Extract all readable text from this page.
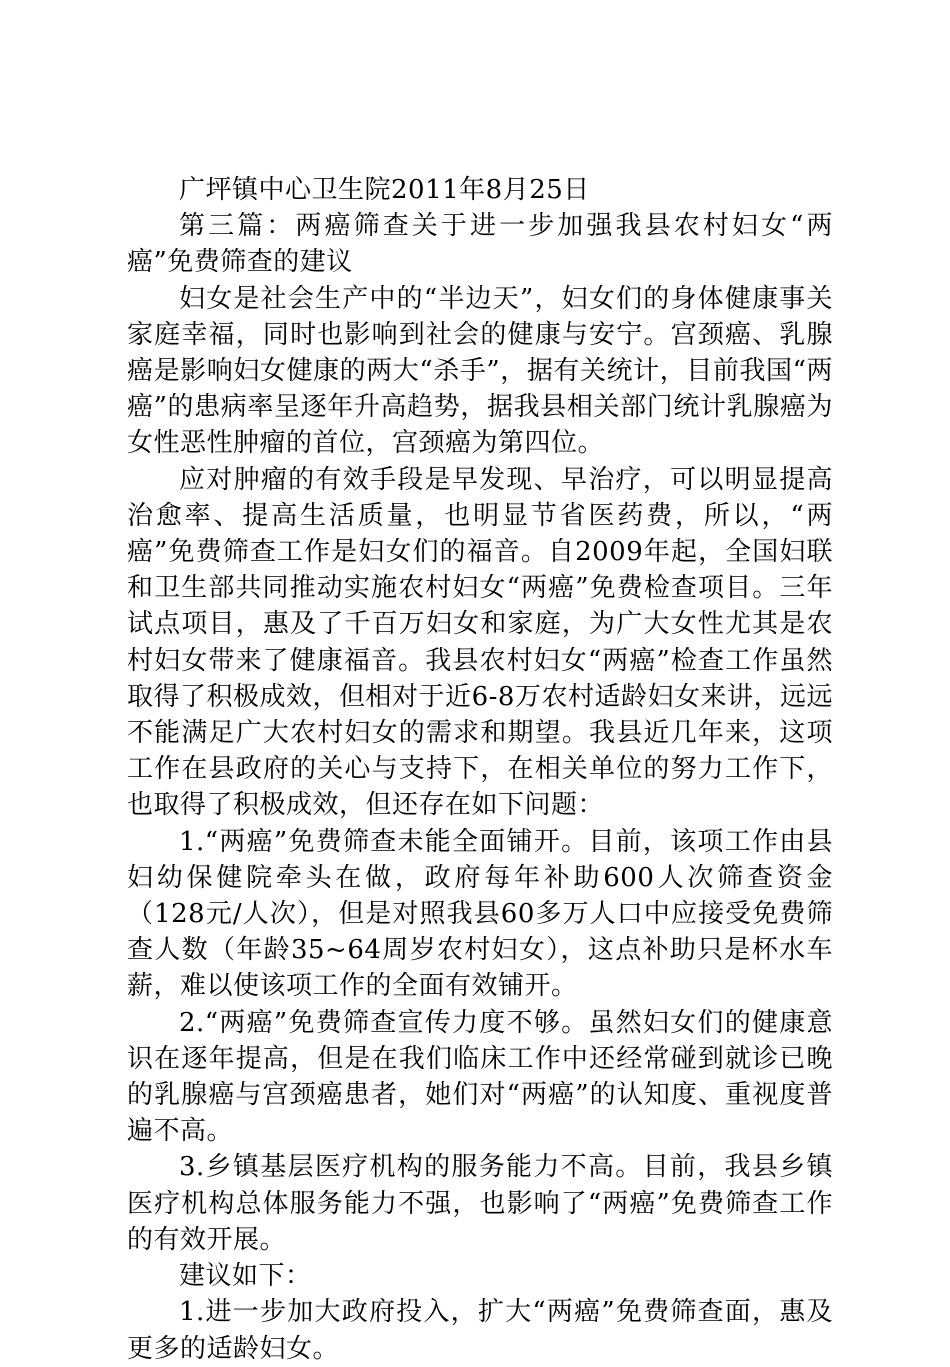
广坪镇中心卫生院2011年8月25日

第三篇：两癌筛查关于进一步加强我县农村妇女“两癌”免费筛查的建议

妇女是社会生产中的“半边天”，妇女们的身体健康事关家庭幸福，同时也影响到社会的健康与安宁。宫颈癌、乳腺癌是影响妇女健康的两大“杀手”，据有关统计，目前我国“两癌”的患病率呈逐年升高趋势，据我县相关部门统计乳腺癌为女性恶性肿瘤的首位，宫颈癌为第四位。

应对肿瘤的有效手段是早发现、早治疗，可以明显提高治愈率、提高生活质量，也明显节省医药费，所以，“两癌”免费筛查工作是妇女们的福音。自2009年起，全国妇联和卫生部共同推动实施农村妇女“两癌”免费检查项目。三年试点项目，惠及了千百万妇女和家庭，为广大女性尤其是农村妇女带来了健康福音。我县农村妇女“两癌”检查工作虽然取得了积极成效，但相对于近6-8万农村适龄妇女来讲，远远不能满足广大农村妇女的需求和期望。我县近几年来，这项工作在县政府的关心与支持下，在相关单位的努力工作下，也取得了积极成效，但还存在如下问题：

1.“两癌”免费筛查未能全面铺开。目前，该项工作由县妇幼保健院牵头在做，政府每年补助600人次筛查资金（128元/人次），但是对照我县60多万人口中应接受免费筛查人数（年龄35~64周岁农村妇女），这点补助只是杯水车薪，难以使该项工作的全面有效铺开。

2.“两癌”免费筛查宣传力度不够。虽然妇女们的健康意识在逐年提高，但是在我们临床工作中还经常碰到就诊已晚的乳腺癌与宫颈癌患者，她们对“两癌”的认知度、重视度普遍不高。

3.乡镇基层医疗机构的服务能力不高。目前，我县乡镇医疗机构总体服务能力不强，也影响了“两癌”免费筛查工作的有效开展。

建议如下：

1.进一步加大政府投入，扩大“两癌”免费筛查面，惠及更多的适龄妇女。
